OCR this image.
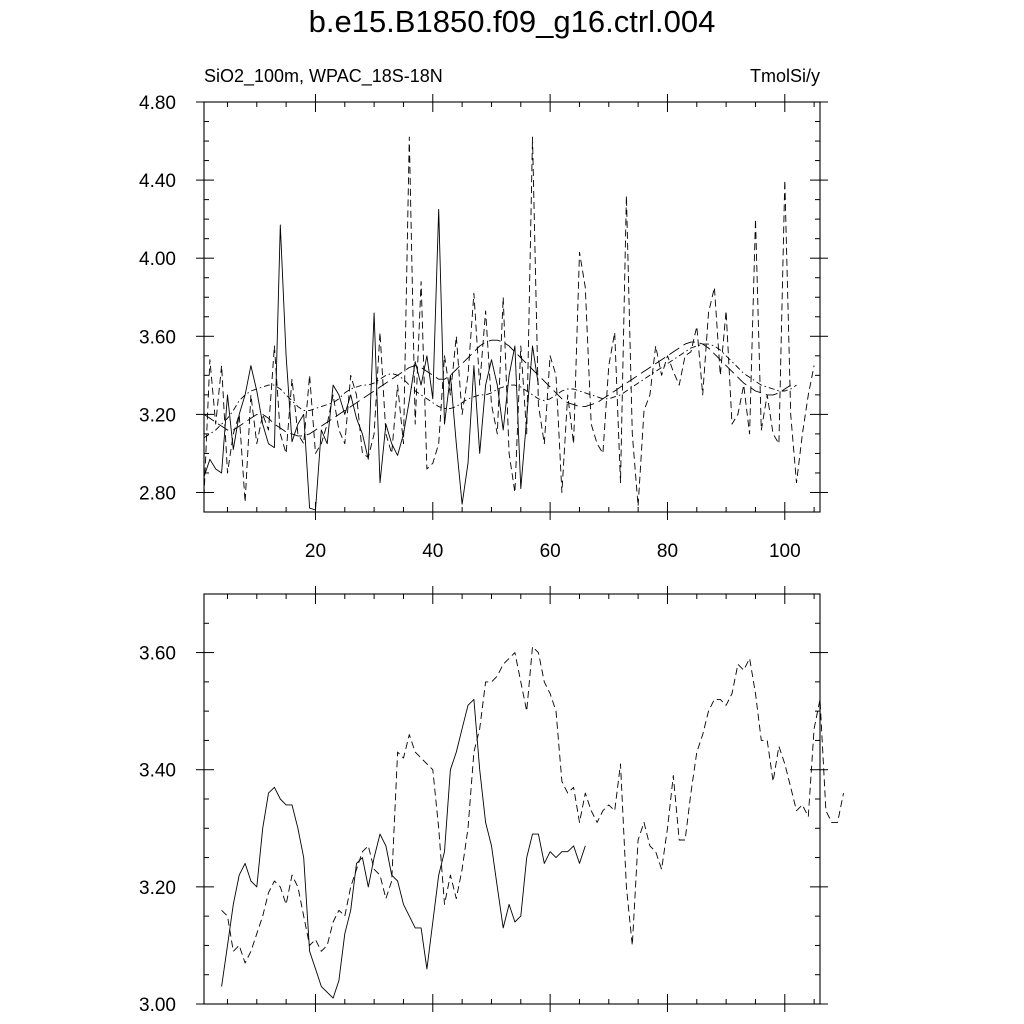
b.e15.B1850.f09_g16.ctrl.004
2.80
3.20
3.60
4.00
4.40
4.80
20	40	60	80	100
SiO2_100m, WPAC_18S-18N	TmolSi/y
3.00
3.20
3.40
3.60
